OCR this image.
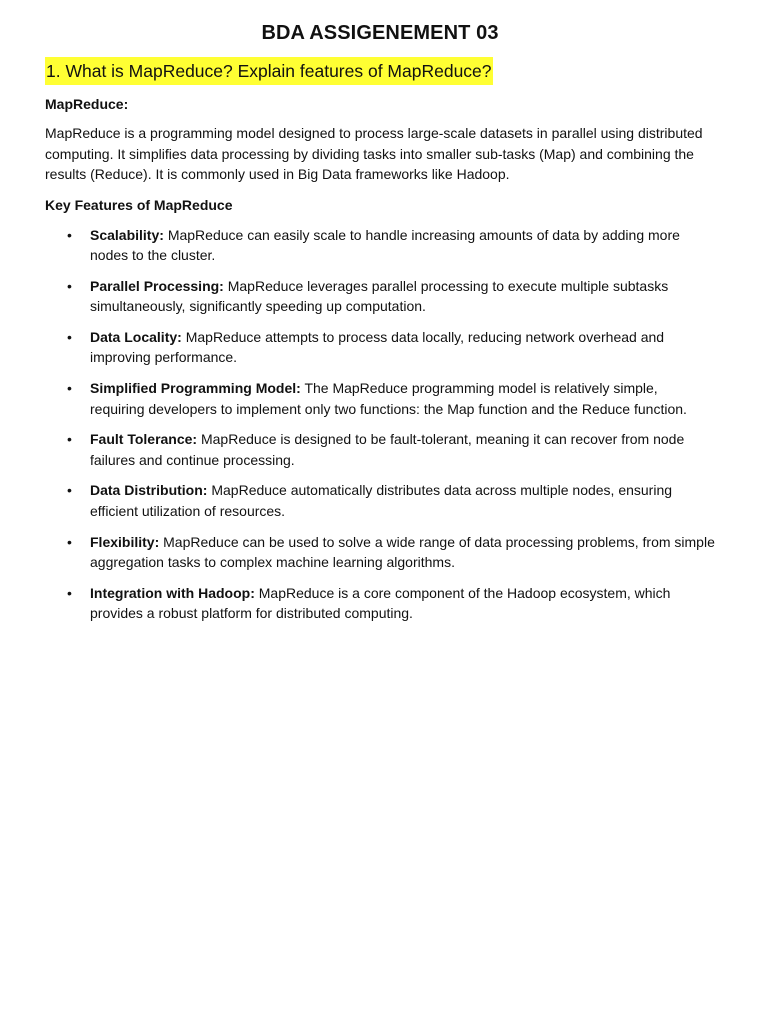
BDA ASSIGENEMENT 03
1. What is MapReduce? Explain features of MapReduce?

MapReduce:

MapReduce is a programming model designed to process large-scale datasets in parallel using distributed computing. It simplifies data processing by dividing tasks into smaller sub-tasks (Map) and combining the results (Reduce). It is commonly used in Big Data frameworks like Hadoop.

Key Features of MapReduce

• Scalability: MapReduce can easily scale to handle increasing amounts of data by adding more nodes to the cluster.
• Parallel Processing: MapReduce leverages parallel processing to execute multiple subtasks simultaneously, significantly speeding up computation.
• Data Locality: MapReduce attempts to process data locally, reducing network overhead and improving performance.
• Simplified Programming Model: The MapReduce programming model is relatively simple, requiring developers to implement only two functions: the Map function and the Reduce function.
• Fault Tolerance: MapReduce is designed to be fault-tolerant, meaning it can recover from node failures and continue processing.
• Data Distribution: MapReduce automatically distributes data across multiple nodes, ensuring efficient utilization of resources.
• Flexibility: MapReduce can be used to solve a wide range of data processing problems, from simple aggregation tasks to complex machine learning algorithms.
• Integration with Hadoop: MapReduce is a core component of the Hadoop ecosystem, which provides a robust platform for distributed computing.
